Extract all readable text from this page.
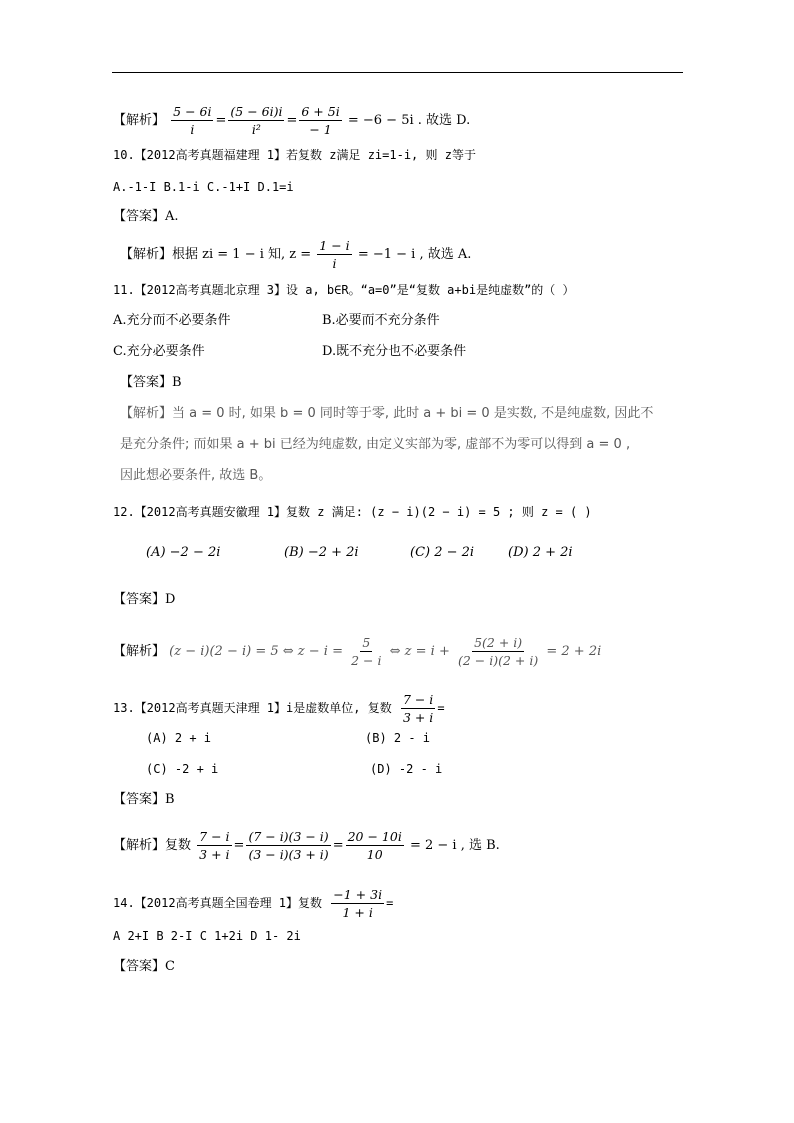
【解析】 $\frac{5 - 6i}{i} = \frac{(5 - 6i)i}{\text{i²}} = \frac{6 + 5i}{- 1} = -6 - 5i$ . 故选 D.
10.【2012高考真题福建理 1】若复数 z满足 zi=1-i, 则 z等于
A.-1-I B.1-i C.-1+I D.1=i
【答案】A.
【解析】根据 zi = 1 − i 知, $z = \frac{1 - i}{i} = -1 - i$ , 故选 A.
11.【2012高考真题北京理 3】设 a, b∈R。“a=0”是“复数 a+bi是纯虚数”的（ ）
A.充分而不必要条件	B.必要而不充分条件
C.充分必要条件	D.既不充分也不必要条件
【答案】B
【解析】当 a = 0 时, 如果 b = 0 同时等于零, 此时 a + bi = 0 是实数, 不是纯虚数, 因此不
是充分条件; 而如果 a + bi 已经为纯虚数, 由定义实部为零, 虚部不为零可以得到 a = 0 ,
因此想必要条件, 故选 B。
12.【2012高考真题安徽理 1】复数 z 满足: (z − i)(2 − i) = 5 ; 则 z = ( )
(A) −2 − 2i	(B) −2 + 2i	(C) 2 − 2i	(D) 2 + 2i
【答案】D
【解析】 (z − i)(2 − i) = 5 ⇔ $z - i = \frac{5}{2 - i}$ ⇔ $z = i + \frac{5(2 + i)}{(2 - i)(2 + i)} = 2 + 2i$
13.【2012高考真题天津理 1】i是虚数单位, 复数 $\frac{7 - i}{3 + i}$ =
(A) 2 + i	(B) 2 - i
(C) -2 + i	(D) -2 - i
【答案】B
【解析】复数 $\frac{7 - i}{3 + i} = \frac{(7 - i)(3 - i)}{(3 - i)(3 + i)} = \frac{20 - 10i}{10} = 2 - i$ , 选 B.
14.【2012高考真题全国卷理 1】复数 $\frac{-1 + 3i}{1 + i}$ =
A 2+I B 2-I C 1+2i D 1- 2i
【答案】C
